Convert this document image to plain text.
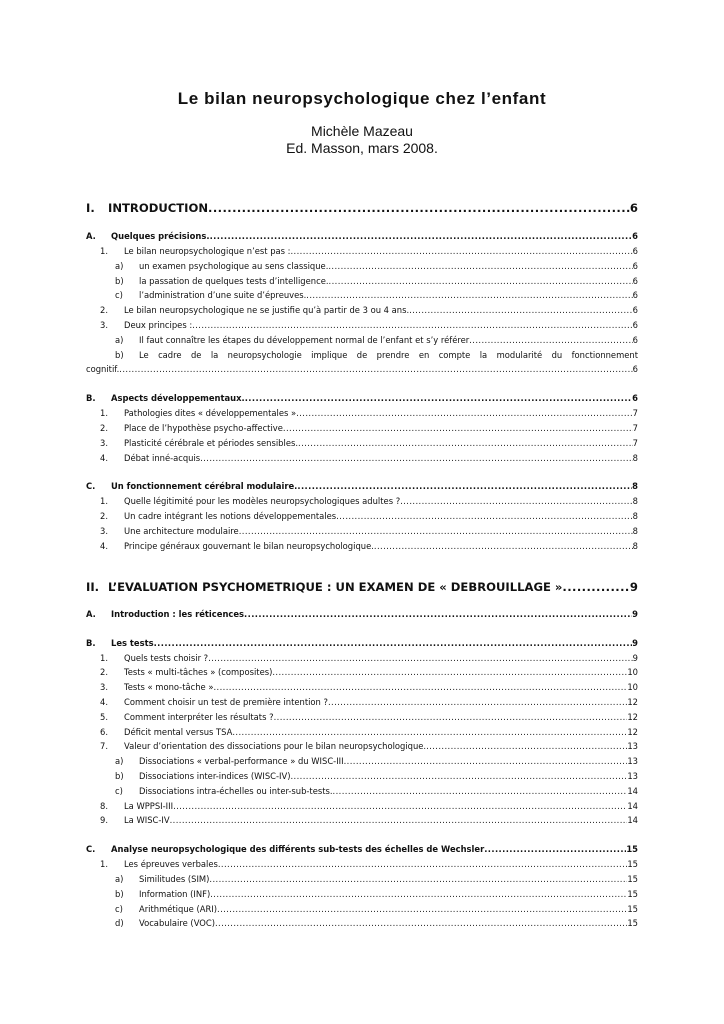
Le bilan neuropsychologique chez l’enfant
Michèle Mazeau
Ed. Masson, mars 2008.
I.	INTRODUCTION .....	6
A.	Quelques précisions. .....	6
1.	Le bilan neuropsychologique n’est pas : .....	6
a)	un examen psychologique au sens classique. .....	6
b)	la passation de quelques tests d’intelligence. .....	6
c)	l’administration d’une suite d’épreuves. .....	6
2.	Le bilan neuropsychologique ne se justifie qu’à partir de 3 ou 4 ans. .....	6
3.	Deux principes : .....	6
a)	Il faut connaître les étapes du développement normal de l’enfant et s’y référer .....	6
b) Le cadre de la neuropsychologie implique de prendre en compte la modularité du fonctionnement
cognitif. .....	6
B.	Aspects développementaux. .....	6
1.	Pathologies dites « développementales » .....	7
2.	Place de l’hypothèse psycho-affective .....	7
3.	Plasticité cérébrale et périodes sensibles. .....	7
4.	Débat inné-acquis .....	8
C.	Un fonctionnement cérébral modulaire. .....	8
1.	Quelle légitimité pour les modèles neuropsychologiques adultes ? .....	8
2.	Un cadre intégrant les notions développementales .....	8
3.	Une architecture modulaire .....	8
4.	Principe généraux gouvernant le bilan neuropsychologique. .....	8
II. L’EVALUATION PSYCHOMETRIQUE : UN EXAMEN DE « DEBROUILLAGE » .....	9
A.	Introduction : les réticences .....	9
B.	Les tests .....	9
1.	Quels tests choisir ? .....	9
2.	Tests « multi-tâches » (composites) .....	10
3.	Tests « mono-tâche » .....	10
4.	Comment choisir un test de première intention ? .....	12
5.	Comment interpréter les résultats ? .....	12
6.	Déficit mental versus TSA .....	12
7.	Valeur d’orientation des dissociations pour le bilan neuropsychologique. .....	13
a)	Dissociations « verbal-performance » du WISC-III .....	13
b)	Dissociations inter-indices (WISC-IV) .....	13
c)	Dissociations intra-échelles ou inter-sub-tests. .....	14
8.	La WPPSI-III .....	14
9.	La WISC-IV .....	14
C.	Analyse neuropsychologique des différents sub-tests des échelles de Wechsler .....	15
1.	Les épreuves verbales .....	15
a)	Similitudes (SIM) .....	15
b)	Information (INF) .....	15
c)	Arithmétique (ARI) .....	15
d)	Vocabulaire (VOC) .....	15
